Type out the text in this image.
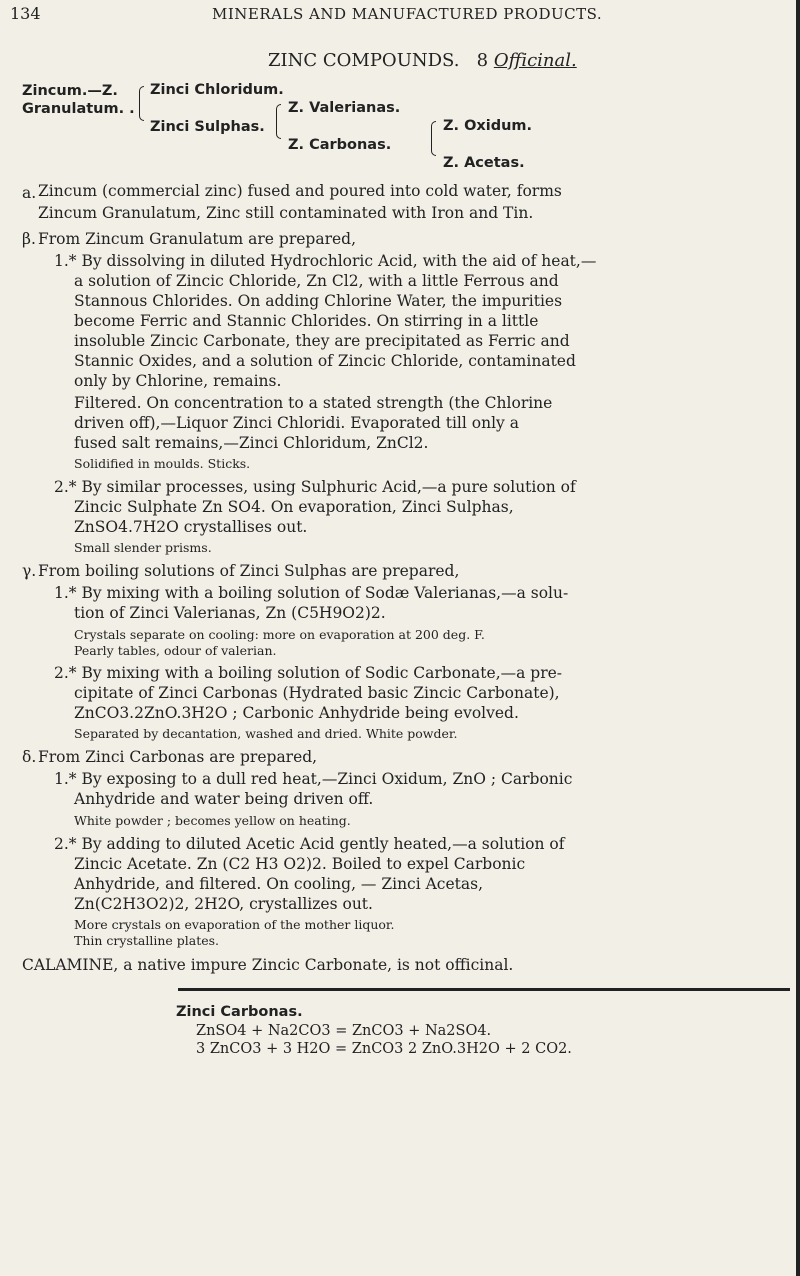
134	MINERALS AND MANUFACTURED PRODUCTS.
ZINC COMPOUNDS. 8 Officinal.
Zincum.—Z.
Granulatum. .
Zinci Chloridum.
Zinci Sulphas.
Z. Valerianas.
Z. Carbonas.
Z. Oxidum.
Z. Acetas.
a. Zincum (commercial zinc) fused and poured into cold water, forms
Zincum Granulatum, Zinc still contaminated with Iron and Tin.
β. From Zincum Granulatum are prepared,
1.* By dissolving in diluted Hydrochloric Acid, with the aid of heat,—
a solution of Zincic Chloride, Zn Cl2, with a little Ferrous and
Stannous Chlorides. On adding Chlorine Water, the impurities
become Ferric and Stannic Chlorides. On stirring in a little
insoluble Zincic Carbonate, they are precipitated as Ferric and
Stannic Oxides, and a solution of Zincic Chloride, contaminated
only by Chlorine, remains.
Filtered. On concentration to a stated strength (the Chlorine
driven off),—Liquor Zinci Chloridi. Evaporated till only a
fused salt remains,—Zinci Chloridum, ZnCl2.
Solidified in moulds. Sticks.
2.* By similar processes, using Sulphuric Acid,—a pure solution of
Zincic Sulphate Zn SO4. On evaporation, Zinci Sulphas,
ZnSO4.7H2O crystallises out.
Small slender prisms.
γ. From boiling solutions of Zinci Sulphas are prepared,
1.* By mixing with a boiling solution of Sodæ Valerianas,—a solu-
tion of Zinci Valerianas, Zn (C5H9O2)2.
Crystals separate on cooling: more on evaporation at 200 deg. F.
Pearly tables, odour of valerian.
2.* By mixing with a boiling solution of Sodic Carbonate,—a pre-
cipitate of Zinci Carbonas (Hydrated basic Zincic Carbonate),
ZnCO3.2ZnO.3H2O ; Carbonic Anhydride being evolved.
Separated by decantation, washed and dried. White powder.
δ. From Zinci Carbonas are prepared,
1.* By exposing to a dull red heat,—Zinci Oxidum, ZnO ; Carbonic
Anhydride and water being driven off.
White powder ; becomes yellow on heating.
2.* By adding to diluted Acetic Acid gently heated,—a solution of
Zincic Acetate. Zn (C2 H3 O2)2. Boiled to expel Carbonic
Anhydride, and filtered. On cooling, — Zinci Acetas,
Zn(C2H3O2)2, 2H2O, crystallizes out.
More crystals on evaporation of the mother liquor.
Thin crystalline plates.
CALAMINE, a native impure Zincic Carbonate, is not officinal.
Zinci Carbonas.
ZnSO4 + Na2CO3 = ZnCO3 + Na2SO4.
3 ZnCO3 + 3 H2O = ZnCO3 2 ZnO.3H2O + 2 CO2.
